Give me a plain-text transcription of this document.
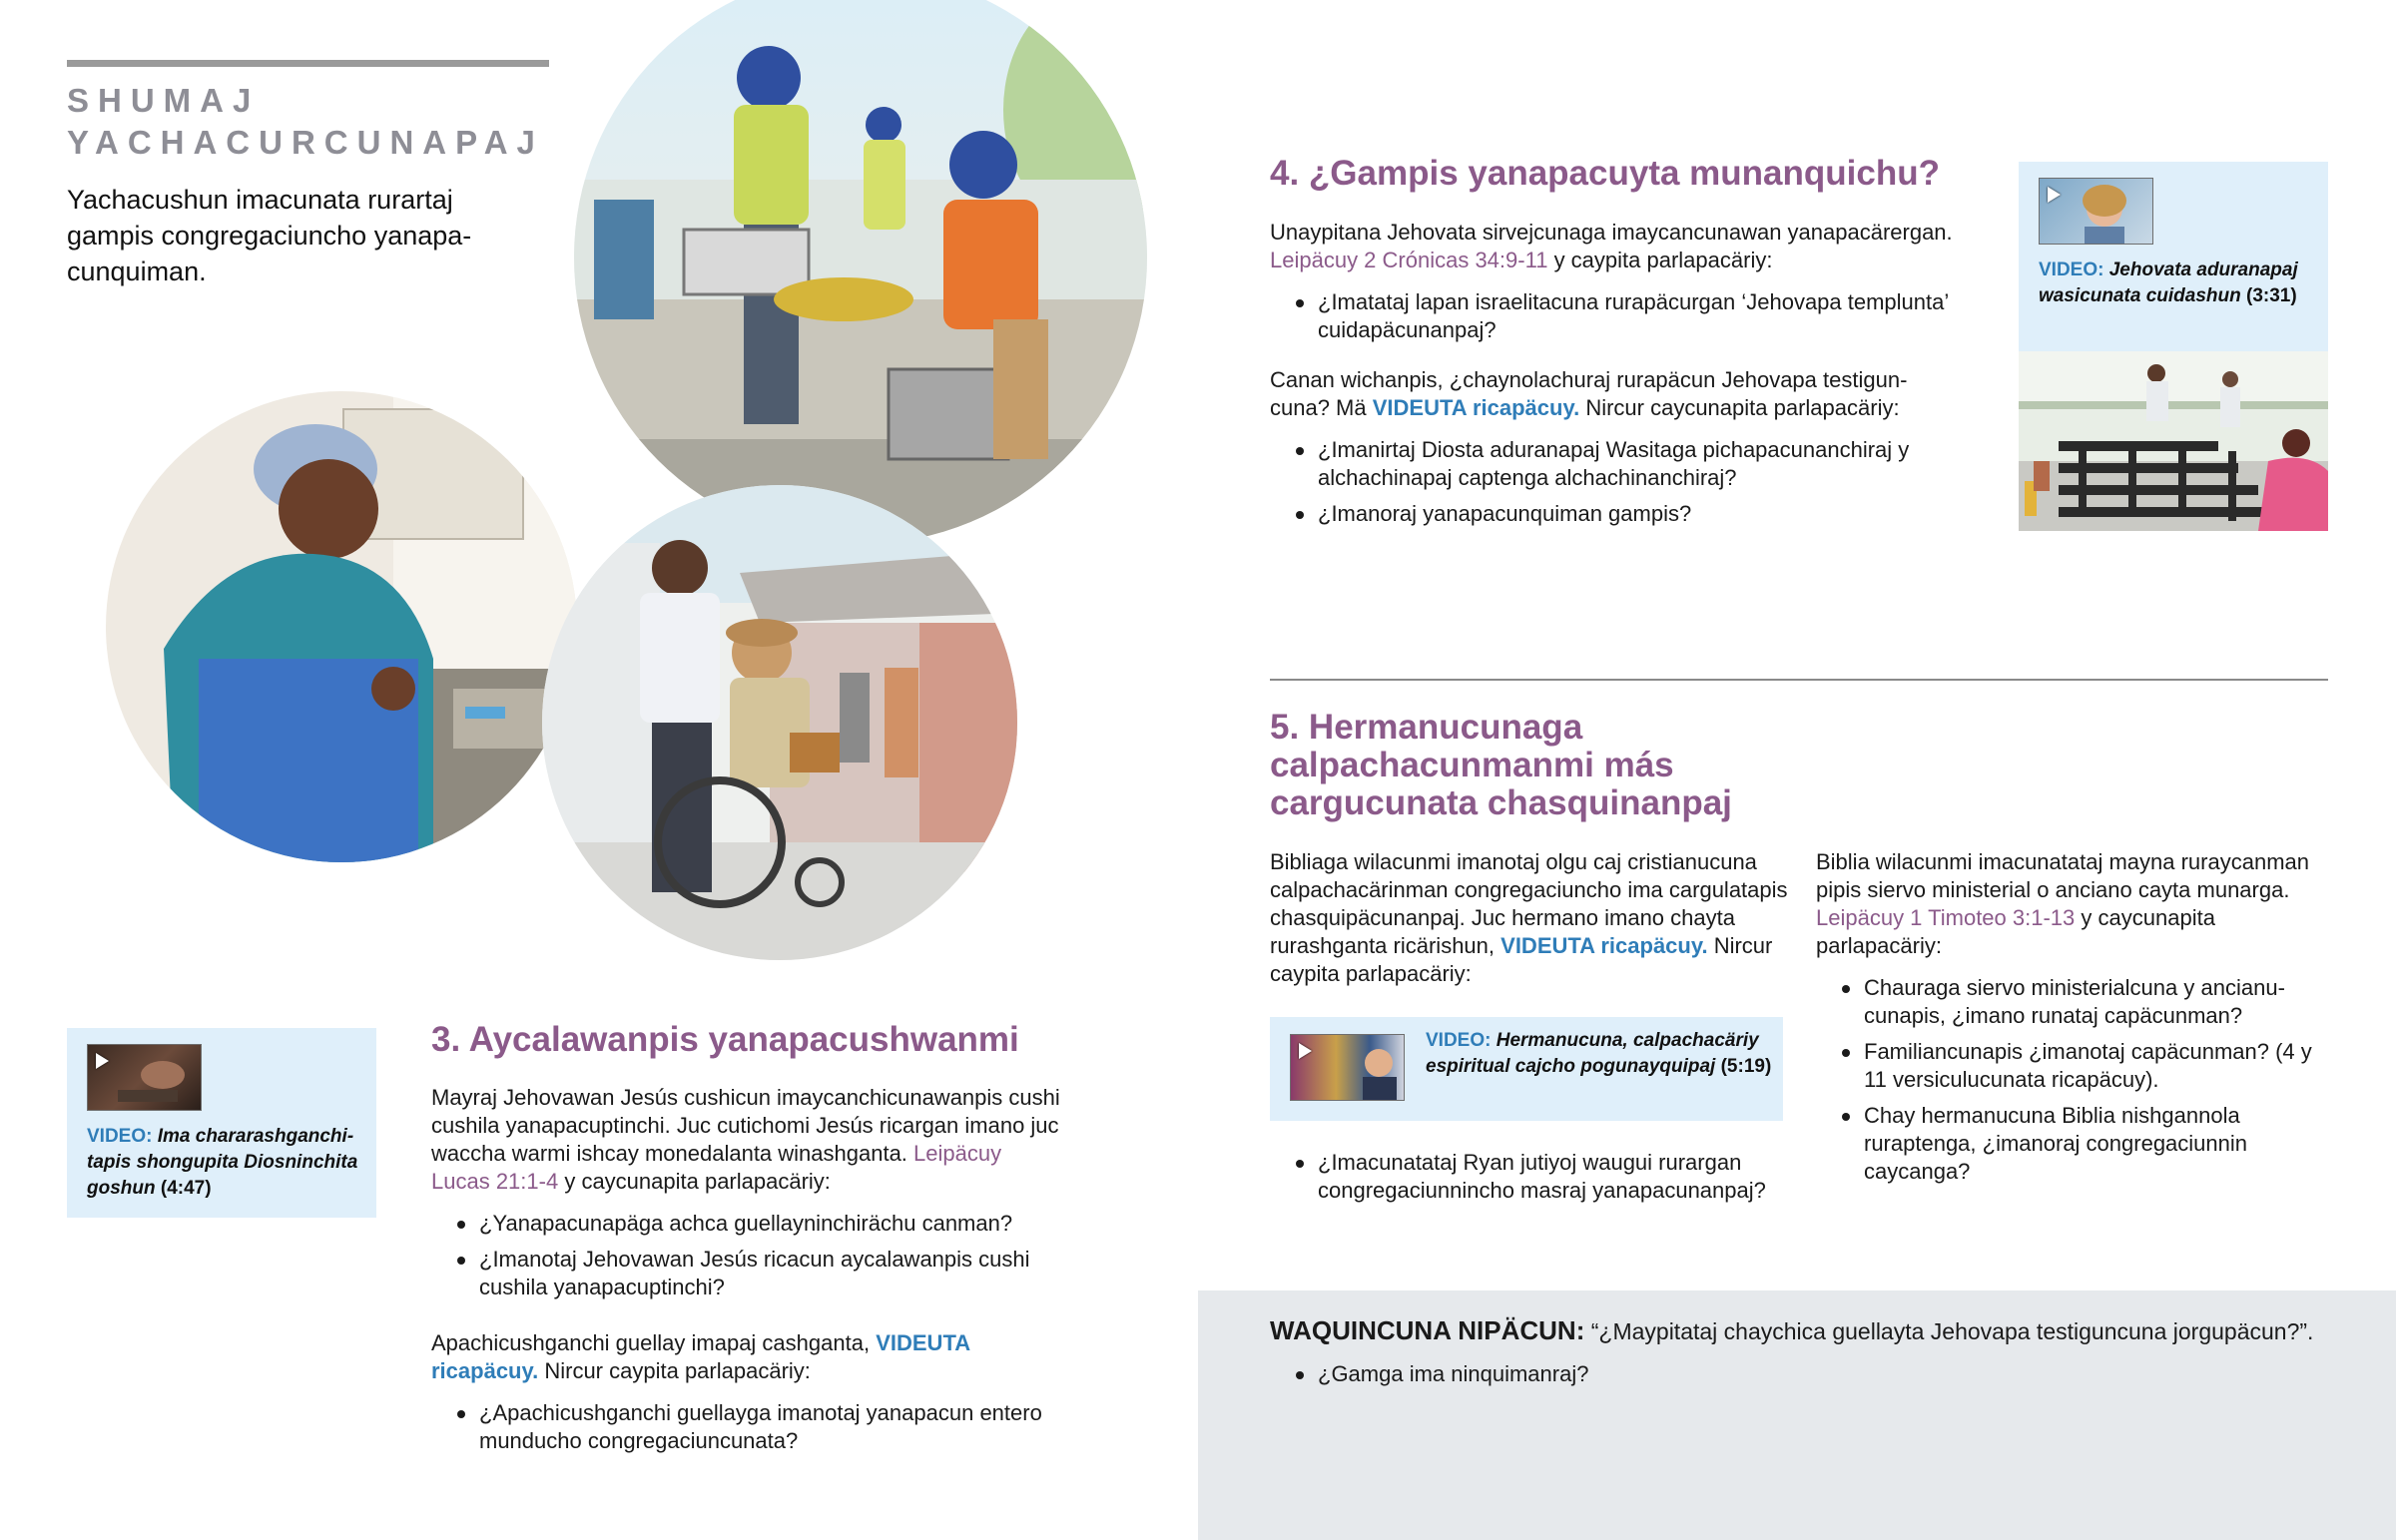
SHUMAJ
YACHACURCUNAPAJ
Yachacushun imacunata rurartaj gampis congregaciuncho yanapacunquiman.
VIDEO: Ima chararashganchitapis shongupita Diosninchita goshun (4:47)
3. Aycalawanpis yanapacushwanmi

Mayraj Jehovawan Jesús cushicun imaycanchicunawanpis cushi cushila yanapacuptinchi. Juc cutichomi Jesús ricargan imano juc waccha warmi ishcay monedalanta winashganta. Leipäcuy Lucas 21:1-4 y caycunapita parlapacäriy:

¿Yanapacunapäga achca guellayninchirächu canman?
¿Imanotaj Jehovawan Jesús ricacun aycalawanpis cushi cushila yanapacuptinchi?

Apachicushganchi guellay imapaj cashganta, VIDEUTA ricapäcuy. Nircur caypita parlapacäriy:

¿Apachicushganchi guellayga imanotaj yanapacun entero munducho congregaciuncunata?
4. ¿Gampis yanapacuyta munanquichu?

Unaypitana Jehovata sirvejcunaga imaycancunawan yanapacärergan. Leipäcuy 2 Crónicas 34:9-11 y caypita parlapacäriy:

¿Imatataj lapan israelitacuna rurapäcurgan ‘Jehovapa templunta’ cuidapäcunanpaj?

Canan wichanpis, ¿chaynolachuraj rurapäcun Jehovapa testiguncuna? Mä VIDEUTA ricapäcuy. Nircur caycunapita parlapacäriy:

¿Imanirtaj Diosta aduranapaj Wasitaga pichapacunanchiraj y alchachinapaj captenga alchachinanchiraj?
¿Imanoraj yanapacunquiman gampis?
VIDEO: Jehovata aduranapaj wasicunata cuidashun (3:31)
5. Hermanucunaga
calpachacunmanmi más
cargucunata chasquinanpaj

Bibliaga wilacunmi imanotaj olgu caj cristianucuna calpachacärinman congregaciuncho ima cargulatapis chasquipäcunanpaj. Juc hermano imano chayta rurashganta ricärishun, VIDEUTA ricapäcuy. Nircur caypita parlapacäriy:

VIDEO: Hermanucuna, calpachacäriy espiritual cajcho pogunayquipaj (5:19)
¿Imacunatataj Ryan jutiyoj waugui rurargan congregaciunnincho masraj yanapacunanpaj?

Biblia wilacunmi imacunatataj mayna ruraycanman pipis siervo ministerial o anciano cayta munarga. Leipäcuy 1 Timoteo 3:1-13 y caycunapita parlapacäriy:

Chauraga siervo ministerialcuna y ancianucunapis, ¿imano runataj capäcunman?
Familiancunapis ¿imanotaj capäcunman? (4 y 11 versiculucunata ricapäcuy).
Chay hermanucuna Biblia nishgannola ruraptenga, ¿imanoraj congregaciunnin caycanga?
WAQUINCUNA NIPÄCUN: “¿Maypitataj chaychica guellayta Jehovapa testiguncuna jorgupäcun?”.
¿Gamga ima ninquimanraj?
